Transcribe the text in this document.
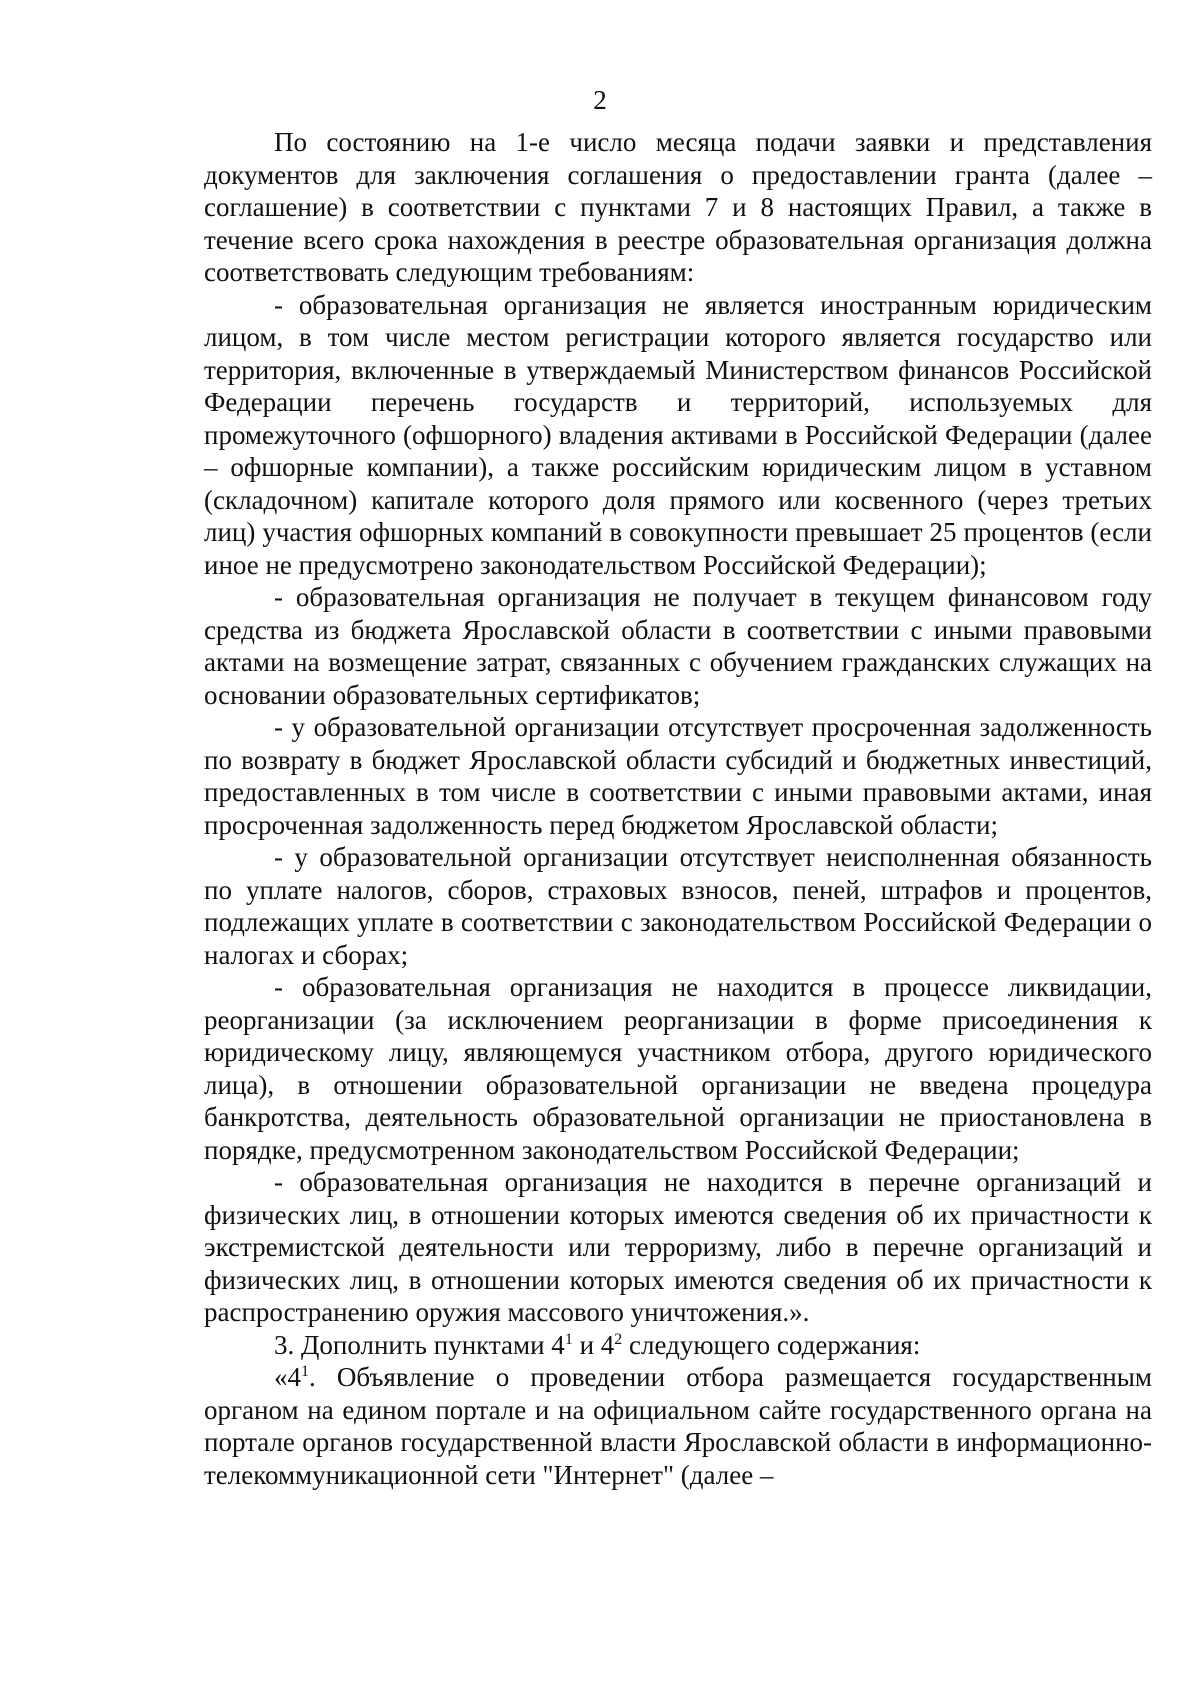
2

По состоянию на 1-е число месяца подачи заявки и представления документов для заключения соглашения о предоставлении гранта (далее – соглашение) в соответствии с пунктами 7 и 8 настоящих Правил, а также в течение всего срока нахождения в реестре образовательная организация должна соответствовать следующим требованиям:

- образовательная организация не является иностранным юридическим лицом, в том числе местом регистрации которого является государство или территория, включенные в утверждаемый Министерством финансов Российской Федерации перечень государств и территорий, используемых для промежуточного (офшорного) владения активами в Российской Федерации (далее – офшорные компании), а также российским юридическим лицом в уставном (складочном) капитале которого доля прямого или косвенного (через третьих лиц) участия офшорных компаний в совокупности превышает 25 процентов (если иное не предусмотрено законодательством Российской Федерации);

- образовательная организация не получает в текущем финансовом году средства из бюджета Ярославской области в соответствии с иными правовыми актами на возмещение затрат, связанных с обучением гражданских служащих на основании образовательных сертификатов;

- у образовательной организации отсутствует просроченная задолженность по возврату в бюджет Ярославской области субсидий и бюджетных инвестиций, предоставленных в том числе в соответствии с иными правовыми актами, иная просроченная задолженность перед бюджетом Ярославской области;

- у образовательной организации отсутствует неисполненная обязанность по уплате налогов, сборов, страховых взносов, пеней, штрафов и процентов, подлежащих уплате в соответствии с законодательством Российской Федерации о налогах и сборах;

- образовательная организация не находится в процессе ликвидации, реорганизации (за исключением реорганизации в форме присоединения к юридическому лицу, являющемуся участником отбора, другого юридического лица), в отношении образовательной организации не введена процедура банкротства, деятельность образовательной организации не приостановлена в порядке, предусмотренном законодательством Российской Федерации;

- образовательная организация не находится в перечне организаций и физических лиц, в отношении которых имеются сведения об их причастности к экстремистской деятельности или терроризму, либо в перечне организаций и физических лиц, в отношении которых имеются сведения об их причастности к распространению оружия массового уничтожения.».

3. Дополнить пунктами $4^1$ и $4^2$ следующего содержания:

«$4^1$. Объявление о проведении отбора размещается государственным органом на едином портале и на официальном сайте государственного органа на портале органов государственной власти Ярославской области в информационно-телекоммуникационной сети "Интернет" (далее –
